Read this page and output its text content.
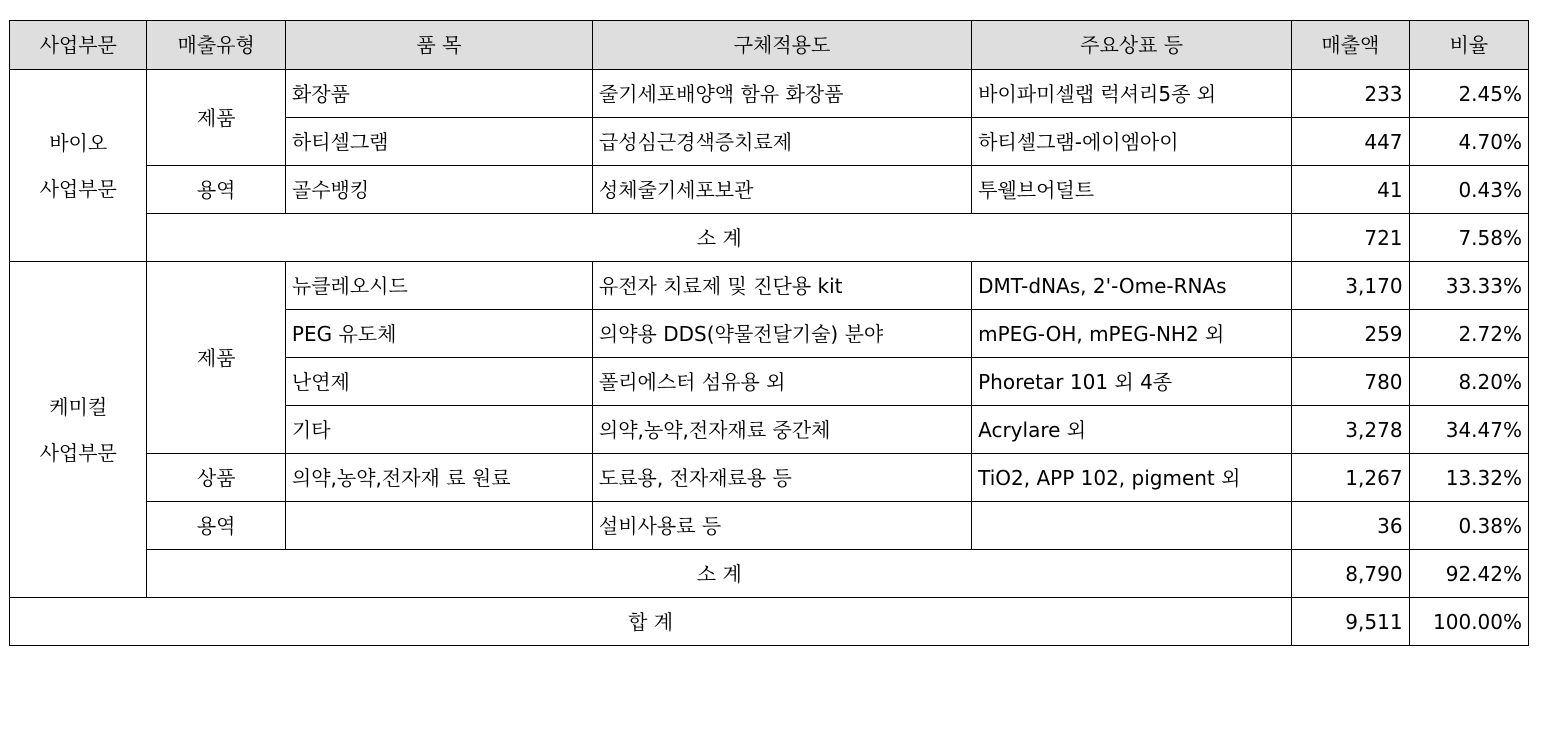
사업부문	매출유형	품 목	구체적용도	주요상표 등	매출액	비율

바이오
사업부문	제품	화장품	줄기세포배양액 함유 화장품	바이파미셀랩 럭셔리5종 외	233	2.45%
		하티셀그램	급성심근경색증치료제	하티셀그램-에이엠아이	447	4.70%
	용역	골수뱅킹	성체줄기세포보관	투웰브어덜트	41	0.43%
	소 계				721	7.58%

케미컬
사업부문	제품	뉴클레오시드	유전자 치료제 및 진단용 kit	DMT-dNAs, 2'-Ome-RNAs	3,170	33.33%
		PEG 유도체	의약용 DDS(약물전달기술) 분야	mPEG-OH, mPEG-NH2 외	259	2.72%
		난연제	폴리에스터 섬유용 외	Phoretar 101 외 4종	780	8.20%
		기타	의약,농약,전자재료 중간체	Acrylare 외	3,278	34.47%
	상품	의약,농약,전자재 료 원료	도료용, 전자재료용 등	TiO2, APP 102, pigment 외	1,267	13.32%
	용역		설비사용료 등		36	0.38%
	소 계				8,790	92.42%
합 계					9,511	100.00%
